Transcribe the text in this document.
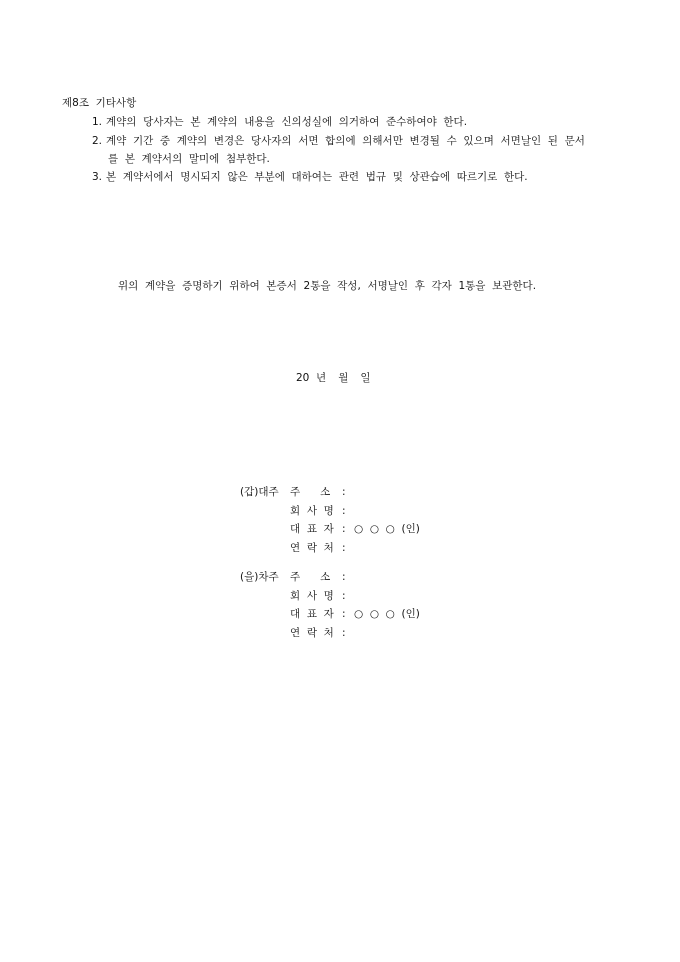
제8조  기타사항
1. 계약의  당사자는  본  계약의  내용을  신의성실에  의거하여  준수하여야  한다.
2. 계약  기간  중  계약의  변경은  당사자의  서면  합의에  의해서만  변경될  수  있으며  서면날인  된  문서
를  본  계약서의  말미에  첨부한다.
3. 본  계약서에서  명시되지  않은  부분에  대하여는  관련  법규  및  상관습에  따르기로  한다.
위의  계약을  증명하기  위하여  본증서  2통을  작성,  서명날인  후  각자  1통을  보관한다.
20  년 월 일
(갑)대주	주      소	:
회  사  명 :
대  표  자 : ○  ○  ○  (인)
연  락  처 :
(을)차주	주      소	:
회  사  명 :
대  표  자 : ○  ○  ○  (인)
연  락  처 :
